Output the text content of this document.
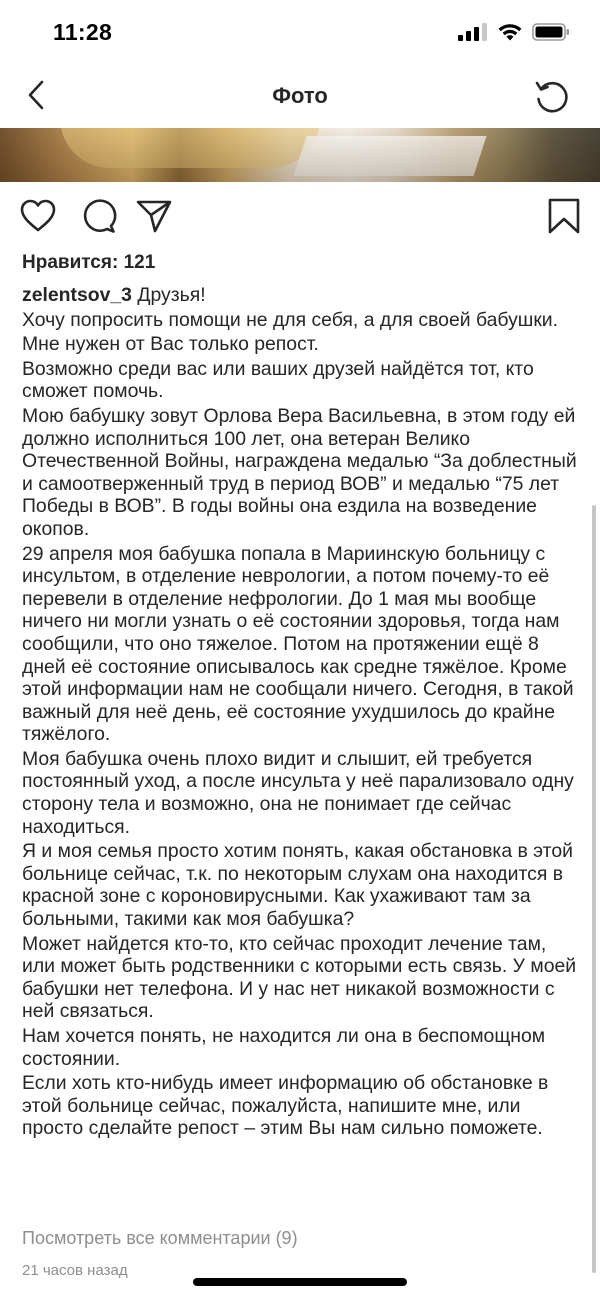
11:28
Фото
Нравится: 121

zelentsov_3 Друзья!

Хочу попросить помощи не для себя, а для своей бабушки.

Мне нужен от Вас только репост.

Возможно среди вас или ваших друзей найдётся тот, кто сможет помочь.

Мою бабушку зовут Орлова Вера Васильевна, в этом году ей должно исполниться 100 лет, она ветеран Велико Отечественной Войны, награждена медалью “За доблестный и самоотверженный труд в период ВОВ” и медалью “75 лет Победы в ВОВ”. В годы войны она ездила на возведение окопов.

29 апреля моя бабушка попала в Мариинскую больницу с инсультом, в отделение неврологии, а потом почему-то её перевели в отделение нефрологии. До 1 мая мы вообще ничего ни могли узнать о её состоянии здоровья, тогда нам сообщили, что оно тяжелое. Потом на протяжении ещё 8 дней её состояние описывалось как средне тяжёлое. Кроме этой информации нам не сообщали ничего. Сегодня, в такой важный для неё день, её состояние ухудшилось до крайне тяжёлого.

Моя бабушка очень плохо видит и слышит, ей требуется постоянный уход, а после инсульта у неё парализовало одну сторону тела и возможно, она не понимает где сейчас находиться.

Я и моя семья просто хотим понять, какая обстановка в этой больнице сейчас, т.к. по некоторым слухам она находится в красной зоне с короновирусными. Как ухаживают там за больными, такими как моя бабушка?

Может найдется кто-то, кто сейчас проходит лечение там, или может быть родственники с которыми есть связь. У моей бабушки нет телефона. И у нас нет никакой возможности с ней связаться.

Нам хочется понять, не находится ли она в беспомощном состоянии.

Если хоть кто-нибудь имеет информацию об обстановке в этой больнице сейчас, пожалуйста, напишите мне, или просто сделайте репост – этим Вы нам сильно поможете.

Посмотреть все комментарии (9)
21 часов назад
